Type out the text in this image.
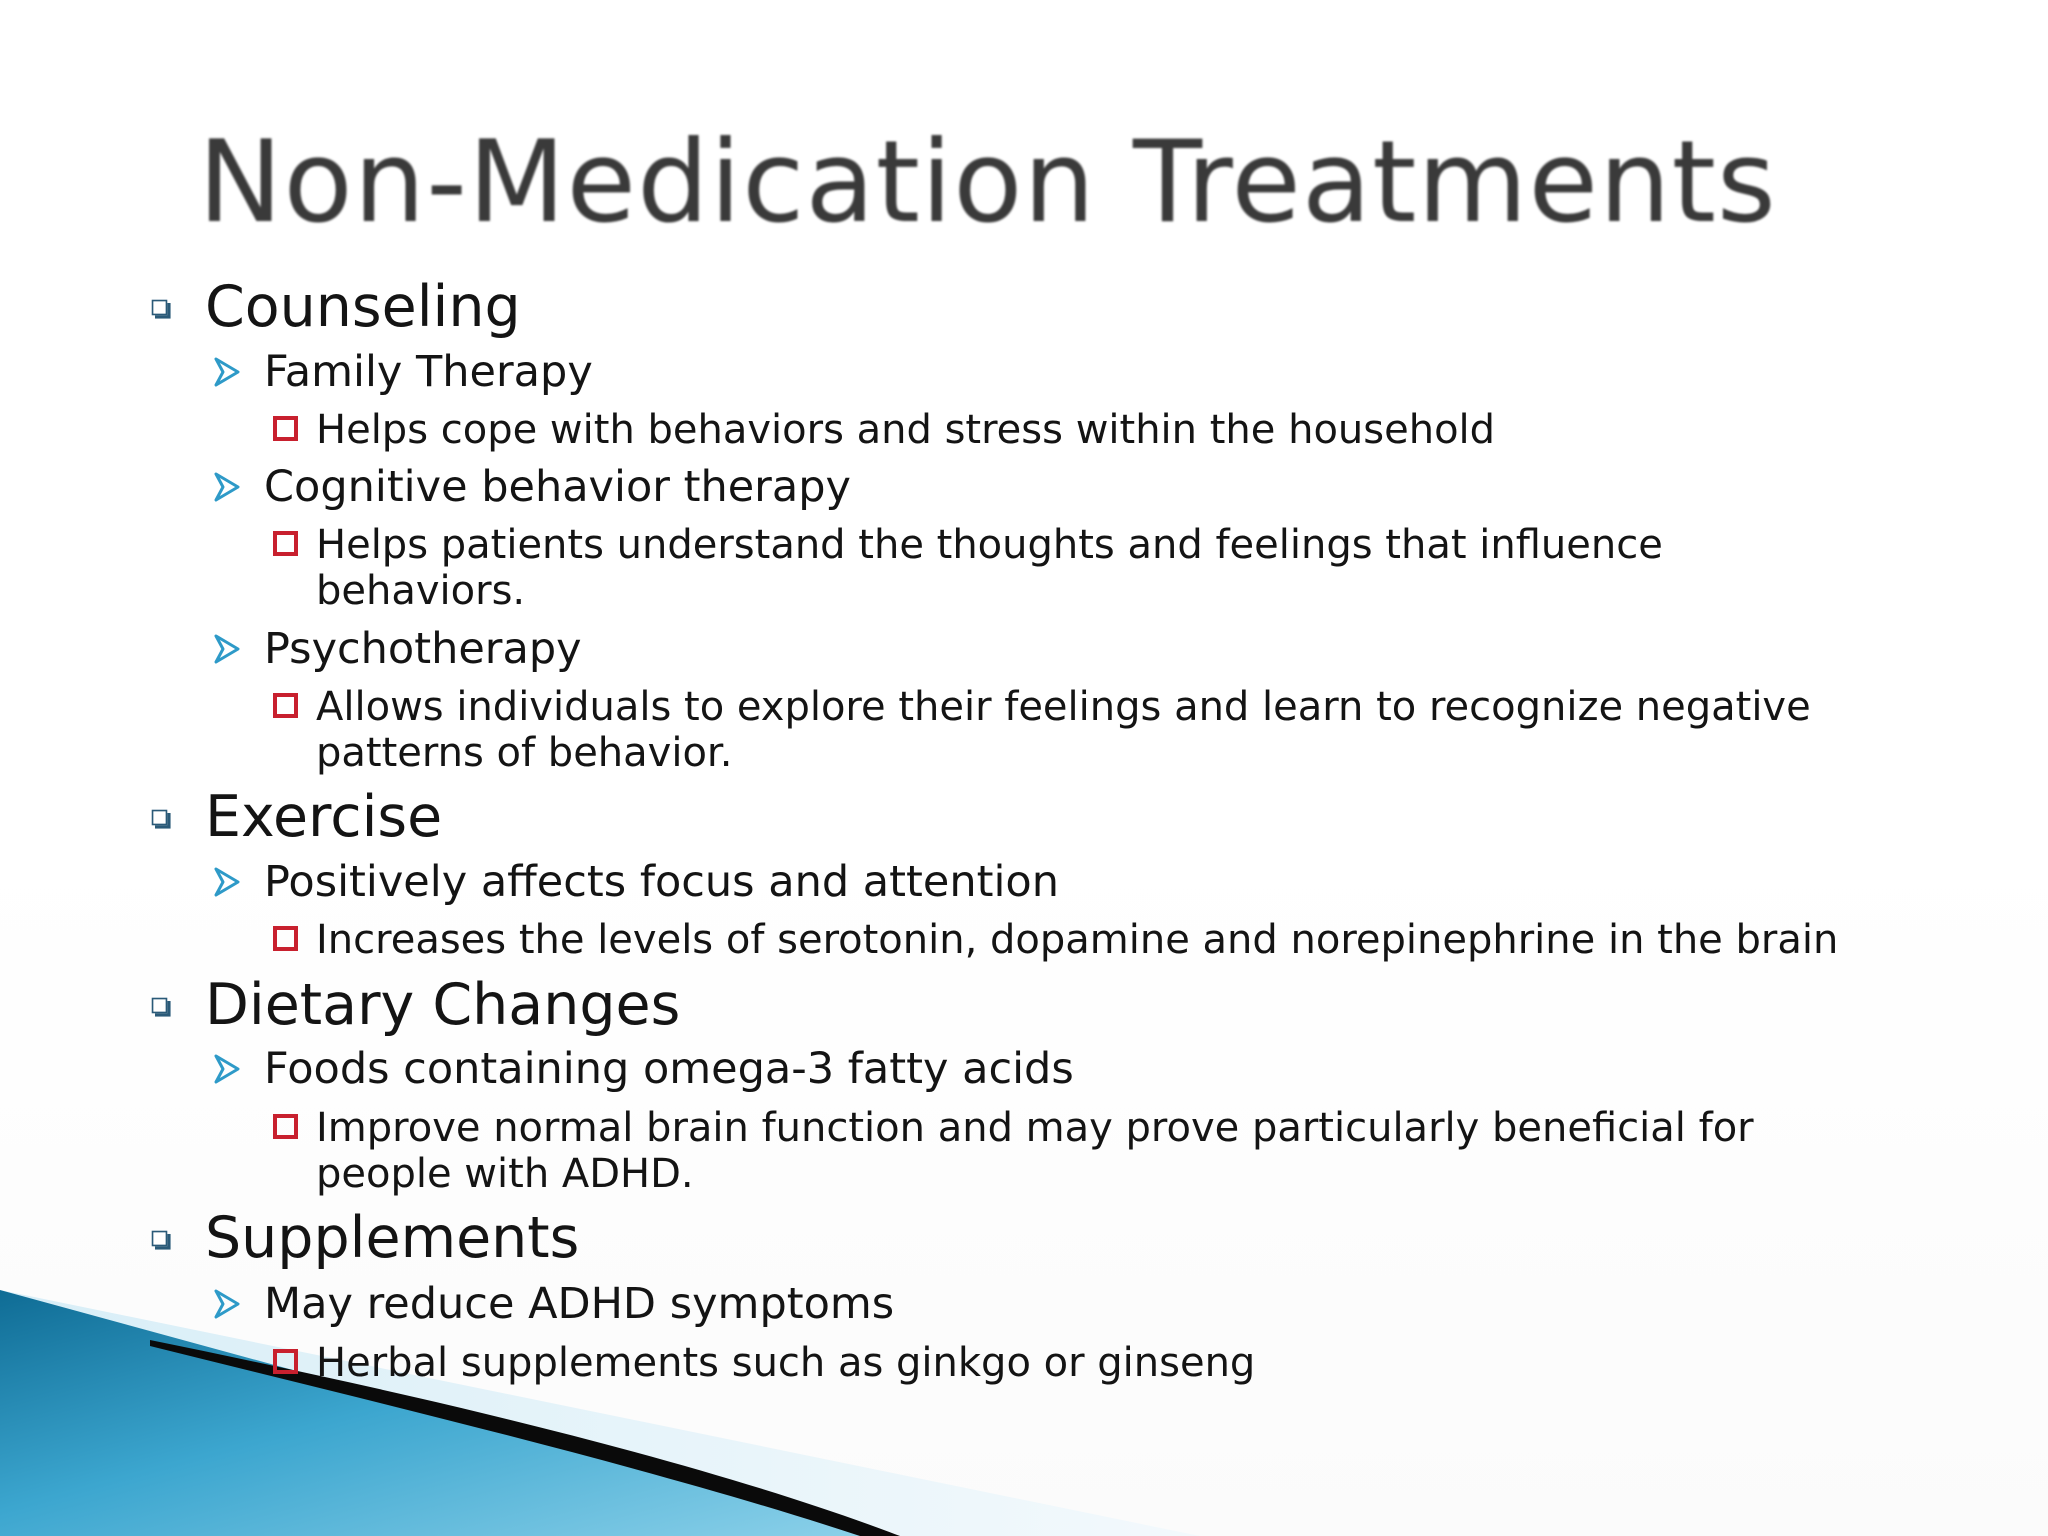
Non-Medication Treatments
Counseling
Family Therapy
Helps cope with behaviors and stress within the household
Cognitive behavior therapy
Helps patients understand the thoughts and feelings that influence behaviors.
Psychotherapy
Allows individuals to explore their feelings and learn to recognize negative patterns of behavior.
Exercise
Positively affects focus and attention
Increases the levels of serotonin, dopamine and norepinephrine in the brain
Dietary Changes
Foods containing omega-3 fatty acids
Improve normal brain function and may prove particularly beneficial for people with ADHD.
Supplements
May reduce ADHD symptoms
Herbal supplements such as ginkgo or ginseng
